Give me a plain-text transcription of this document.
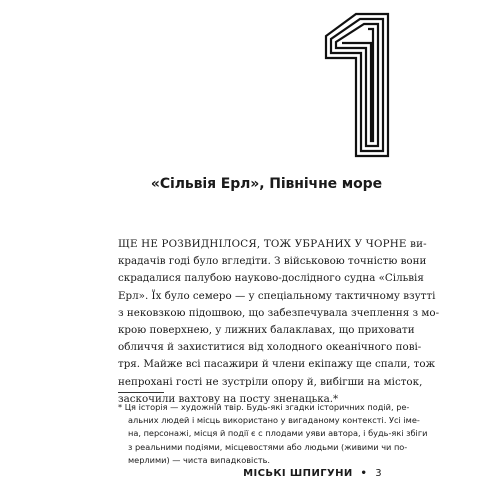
«Сільвія Ерл», Північне море
ЩЕ НЕ РОЗВИДНІЛОСЯ, ТОЖ УБРАНИХ У ЧОРНЕ ви-
крадачів годі було вгледіти. З військовою точністю вони
скрадалися палубою науково-дослідного судна «Сільвія
Ерл». Їх було семеро — у спеціальному тактичному взутті
з нековзкою підошвою, що забезпечувала зчеплення з мо-
крою поверхнею, у лижних балаклавах, що приховати
обличчя й захиститися від холодного океанічного пові-
тря. Майже всі пасажири й члени екіпажу ще спали, тож
непрохані гості не зустріли опору й, вибігши на місток,
заскочили вахтову на посту зненацька.*
* Ця історія — художній твір. Будь-які згадки історичних подій, ре-
альних людей і місць використано у вигаданому контексті. Усі іме-
на, персонажі, місця й події є с плодами уяви автора, і будь-які збіги
з реальними подіями, місцевостями або людьми (живими чи по-
мерлими) — чиста випадковість.
МІСЬКІ ШПИГУНИ • 3
